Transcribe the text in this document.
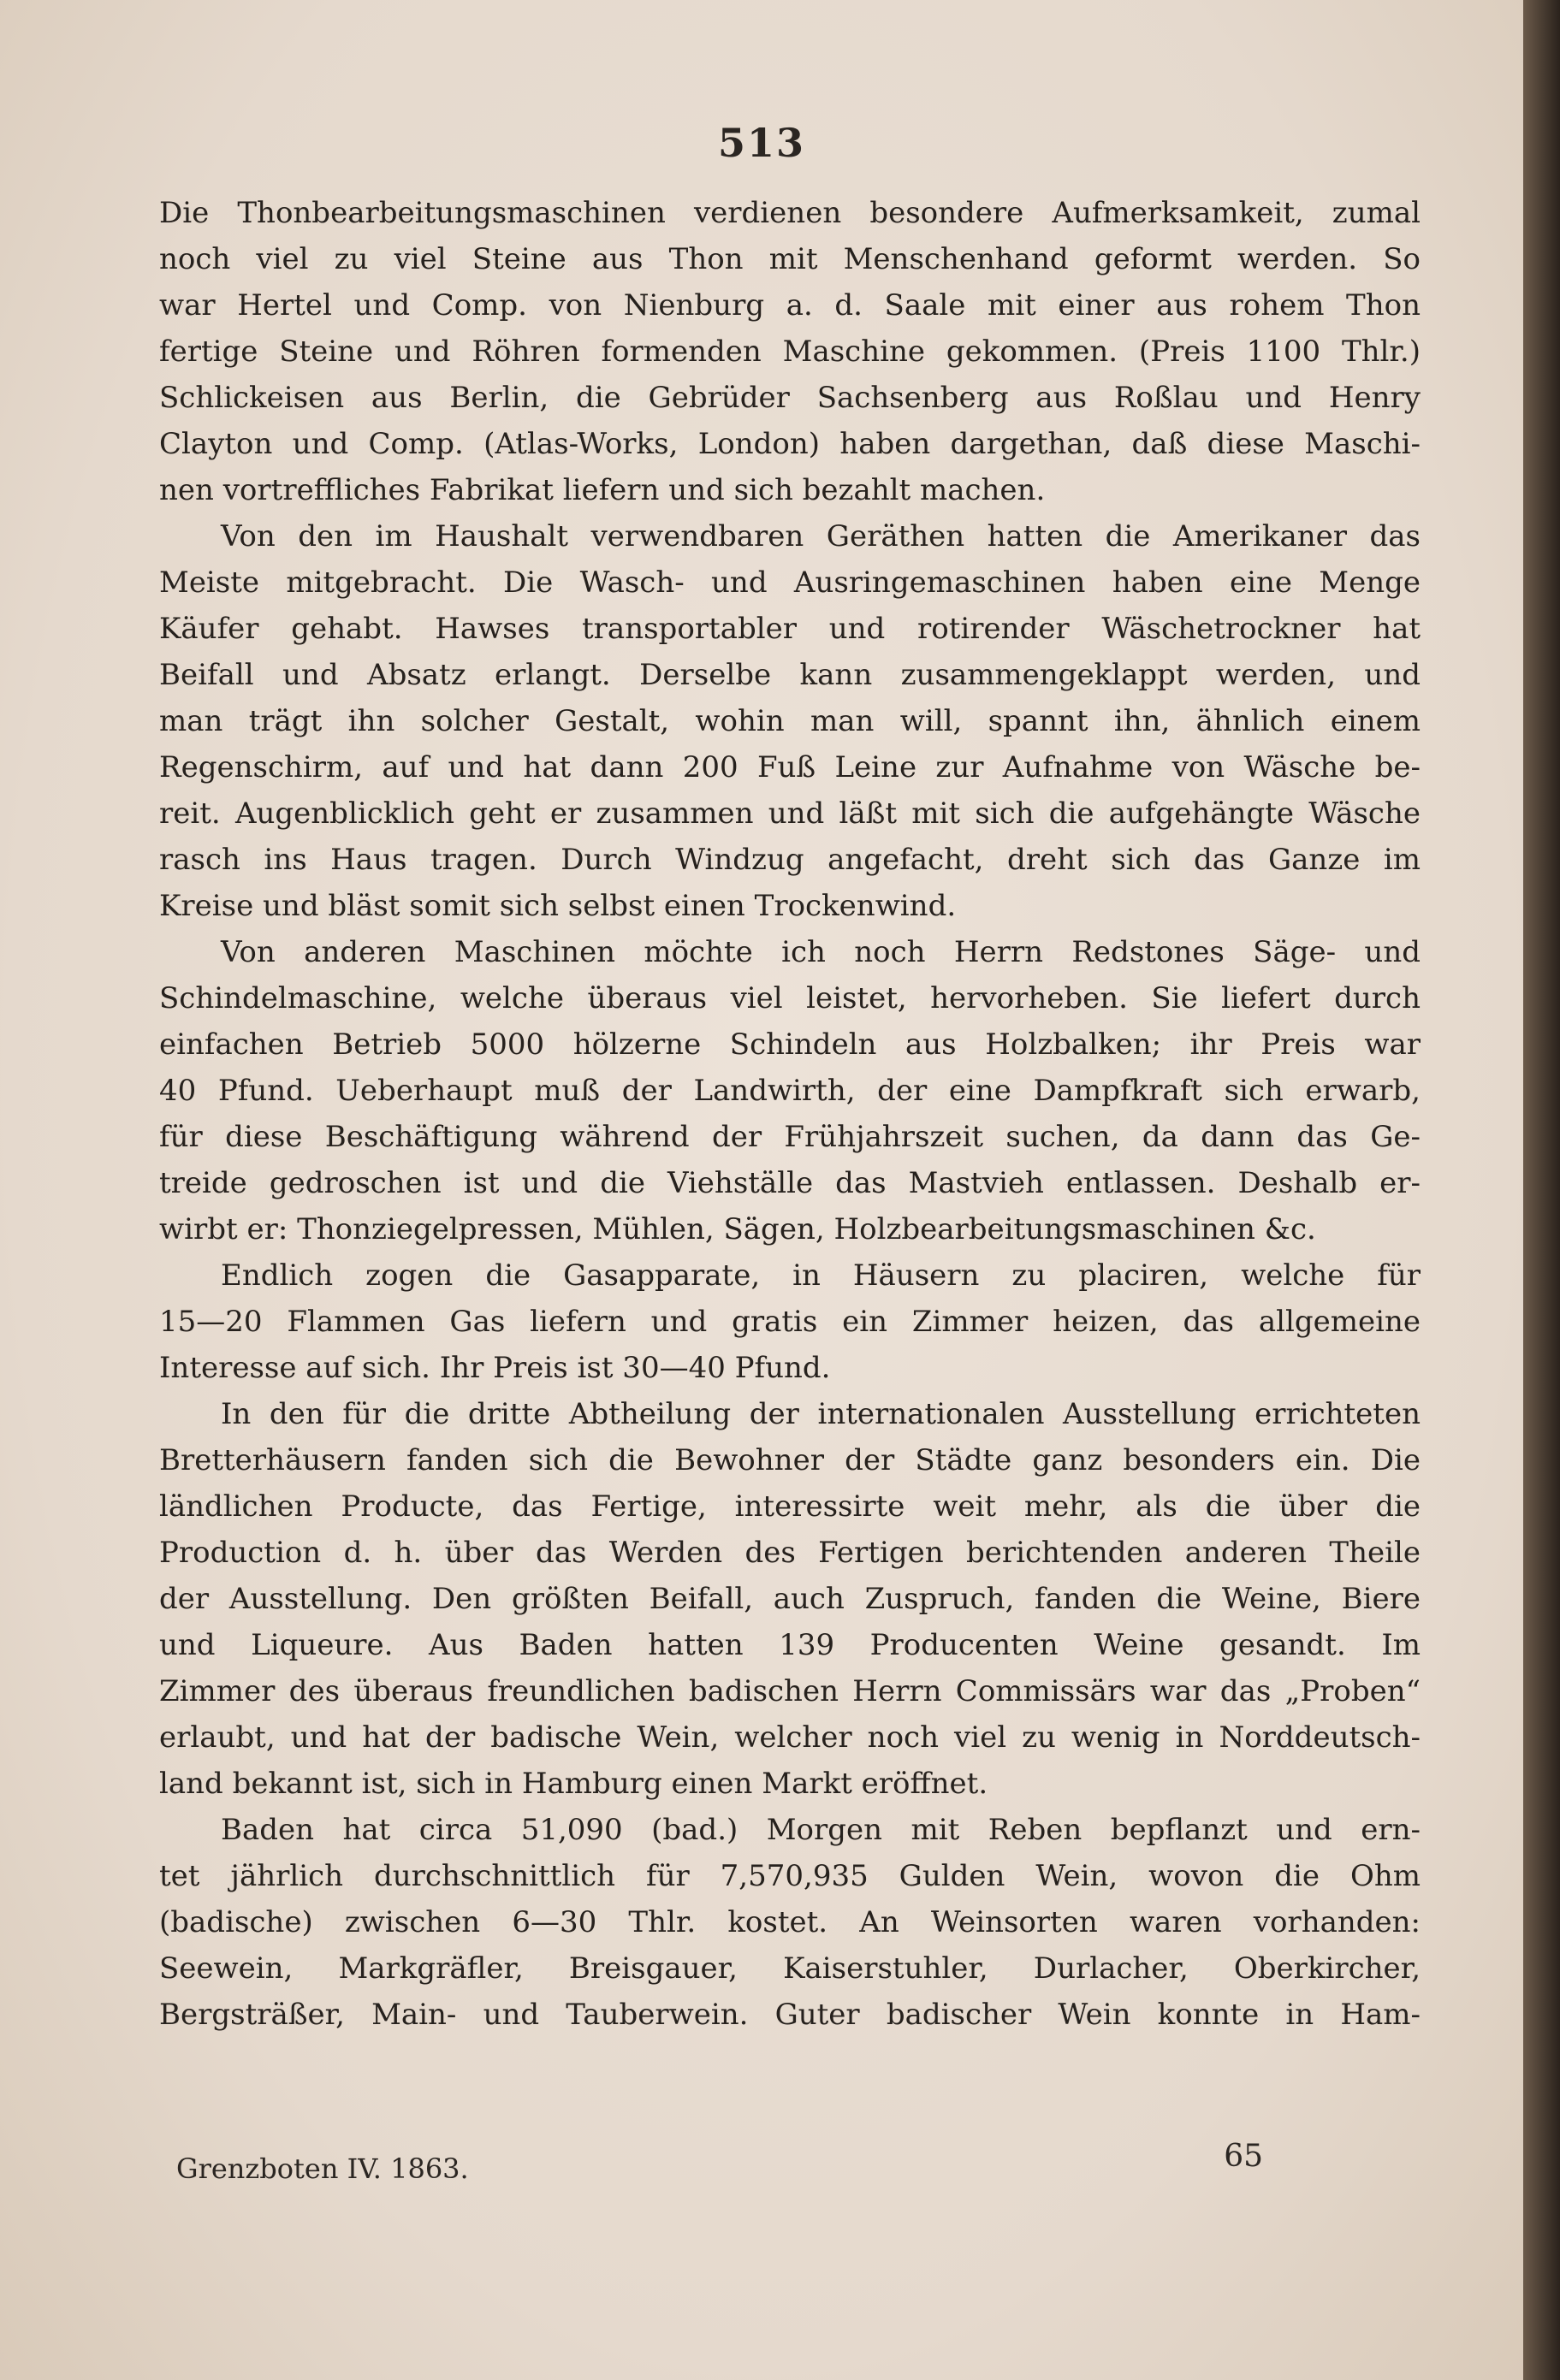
513
Die Thonbearbeitungsmaschinen verdienen besondere Aufmerksamkeit, zumal
noch viel zu viel Steine aus Thon mit Menschenhand geformt werden. So
war Hertel und Comp. von Nienburg a. d. Saale mit einer aus rohem Thon
fertige Steine und Röhren formenden Maschine gekommen. (Preis 1100 Thlr.)
Schlickeisen aus Berlin, die Gebrüder Sachsenberg aus Roßlau und Henry
Clayton und Comp. (Atlas-Works, London) haben dargethan, daß diese Maschi-
nen vortreffliches Fabrikat liefern und sich bezahlt machen.
Von den im Haushalt verwendbaren Geräthen hatten die Amerikaner das
Meiste mitgebracht. Die Wasch- und Ausringemaschinen haben eine Menge
Käufer gehabt. Hawses transportabler und rotirender Wäschetrockner hat
Beifall und Absatz erlangt. Derselbe kann zusammengeklappt werden, und
man trägt ihn solcher Gestalt, wohin man will, spannt ihn, ähnlich einem
Regenschirm, auf und hat dann 200 Fuß Leine zur Aufnahme von Wäsche be-
reit. Augenblicklich geht er zusammen und läßt mit sich die aufgehängte Wäsche
rasch ins Haus tragen. Durch Windzug angefacht, dreht sich das Ganze im
Kreise und bläst somit sich selbst einen Trockenwind.
Von anderen Maschinen möchte ich noch Herrn Redstones Säge- und
Schindelmaschine, welche überaus viel leistet, hervorheben. Sie liefert durch
einfachen Betrieb 5000 hölzerne Schindeln aus Holzbalken; ihr Preis war
40 Pfund. Ueberhaupt muß der Landwirth, der eine Dampfkraft sich erwarb,
für diese Beschäftigung während der Frühjahrszeit suchen, da dann das Ge-
treide gedroschen ist und die Viehställe das Mastvieh entlassen. Deshalb er-
wirbt er: Thonziegelpressen, Mühlen, Sägen, Holzbearbeitungsmaschinen &c.
Endlich zogen die Gasapparate, in Häusern zu placiren, welche für
15—20 Flammen Gas liefern und gratis ein Zimmer heizen, das allgemeine
Interesse auf sich. Ihr Preis ist 30—40 Pfund.
In den für die dritte Abtheilung der internationalen Ausstellung errichteten
Bretterhäusern fanden sich die Bewohner der Städte ganz besonders ein. Die
ländlichen Producte, das Fertige, interessirte weit mehr, als die über die
Production d. h. über das Werden des Fertigen berichtenden anderen Theile
der Ausstellung. Den größten Beifall, auch Zuspruch, fanden die Weine, Biere
und Liqueure. Aus Baden hatten 139 Producenten Weine gesandt. Im
Zimmer des überaus freundlichen badischen Herrn Commissärs war das „Proben“
erlaubt, und hat der badische Wein, welcher noch viel zu wenig in Norddeutsch-
land bekannt ist, sich in Hamburg einen Markt eröffnet.
Baden hat circa 51,090 (bad.) Morgen mit Reben bepflanzt und ern-
tet jährlich durchschnittlich für 7,570,935 Gulden Wein, wovon die Ohm
(badische) zwischen 6—30 Thlr. kostet. An Weinsorten waren vorhanden:
Seewein, Markgräfler, Breisgauer, Kaiserstuhler, Durlacher, Oberkircher,
Bergsträßer, Main- und Tauberwein. Guter badischer Wein konnte in Ham-
Grenzboten IV. 1863.	65
